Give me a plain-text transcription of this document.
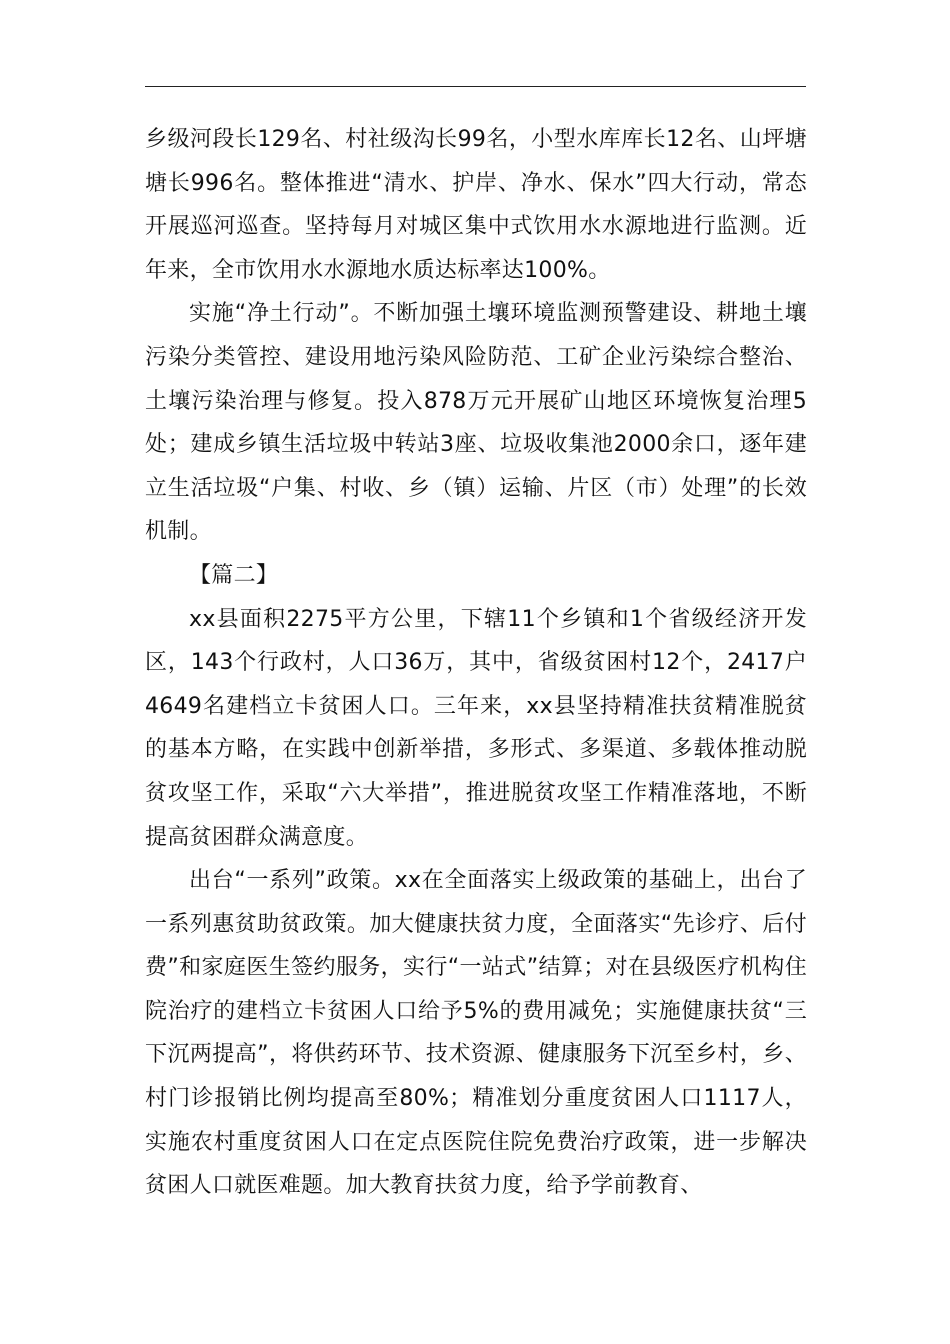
乡级河段长129名、村社级沟长99名，小型水库库长12名、山坪塘塘长996名。整体推进“清水、护岸、净水、保水”四大行动，常态开展巡河巡查。坚持每月对城区集中式饮用水水源地进行监测。近年来，全市饮用水水源地水质达标率达100%。

实施“净土行动”。不断加强土壤环境监测预警建设、耕地土壤污染分类管控、建设用地污染风险防范、工矿企业污染综合整治、土壤污染治理与修复。投入878万元开展矿山地区环境恢复治理5处；建成乡镇生活垃圾中转站3座、垃圾收集池2000余口，逐年建立生活垃圾“户集、村收、乡（镇）运输、片区（市）处理”的长效机制。

【篇二】

xx县面积2275平方公里，下辖11个乡镇和1个省级经济开发区，143个行政村，人口36万，其中，省级贫困村12个，2417户4649名建档立卡贫困人口。三年来，xx县坚持精准扶贫精准脱贫的基本方略，在实践中创新举措，多形式、多渠道、多载体推动脱贫攻坚工作，采取“六大举措”，推进脱贫攻坚工作精准落地，不断提高贫困群众满意度。

出台“一系列”政策。xx在全面落实上级政策的基础上，出台了一系列惠贫助贫政策。加大健康扶贫力度，全面落实“先诊疗、后付费”和家庭医生签约服务，实行“一站式”结算；对在县级医疗机构住院治疗的建档立卡贫困人口给予5%的费用减免；实施健康扶贫“三下沉两提高”，将供药环节、技术资源、健康服务下沉至乡村，乡、村门诊报销比例均提高至80%；精准划分重度贫困人口1117人，实施农村重度贫困人口在定点医院住院免费治疗政策，进一步解决贫困人口就医难题。加大教育扶贫力度，给予学前教育、
